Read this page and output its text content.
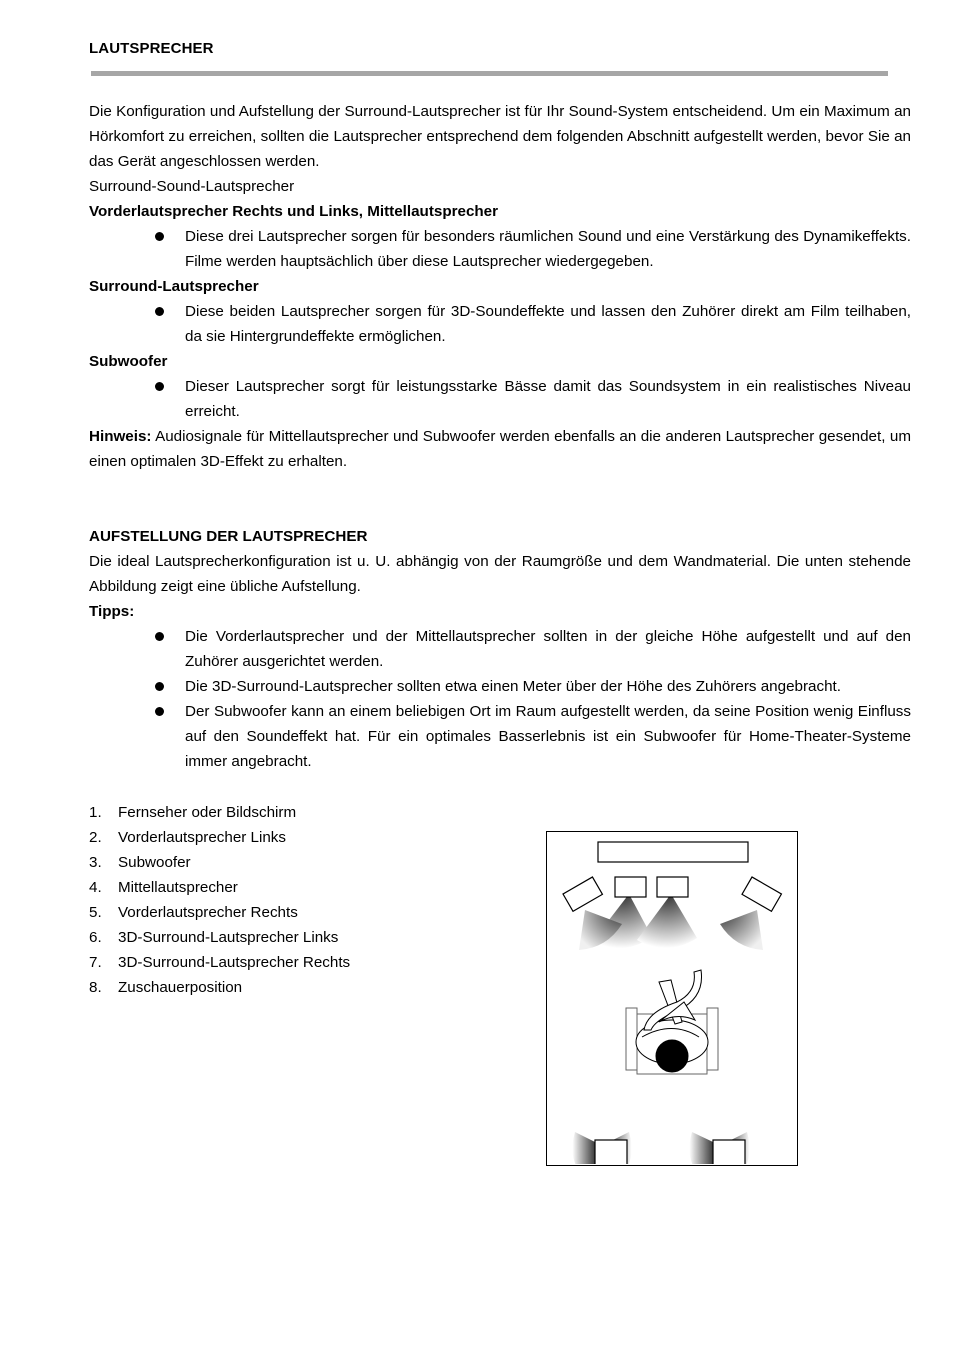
LAUTSPRECHER
Die Konfiguration und Aufstellung der Surround-Lautsprecher ist für Ihr Sound-System entscheidend. Um ein Maximum an Hörkomfort zu erreichen, sollten die Lautsprecher entsprechend dem folgenden Abschnitt aufgestellt werden, bevor Sie an das Gerät angeschlossen werden.
Surround-Sound-Lautsprecher
Vorderlautsprecher Rechts und Links, Mittellautsprecher
Diese drei Lautsprecher sorgen für besonders räumlichen Sound und eine Verstärkung des Dynamikeffekts. Filme werden hauptsächlich über diese Lautsprecher wiedergegeben.
Surround-Lautsprecher
Diese beiden Lautsprecher sorgen für 3D-Soundeffekte und lassen den Zuhörer direkt am Film teilhaben, da sie Hintergrundeffekte ermöglichen.
Subwoofer
Dieser Lautsprecher sorgt für leistungsstarke Bässe damit das Soundsystem in ein realistisches Niveau erreicht.
Hinweis: Audiosignale für Mittellautsprecher und Subwoofer werden ebenfalls an die anderen Lautsprecher gesendet, um einen optimalen 3D-Effekt zu erhalten.
AUFSTELLUNG DER LAUTSPRECHER
Die ideal Lautsprecherkonfiguration ist u. U. abhängig von der Raumgröße und dem Wandmaterial. Die unten stehende Abbildung zeigt eine übliche Aufstellung.
Tipps:
Die Vorderlautsprecher und der Mittellautsprecher sollten in der gleiche Höhe aufgestellt und auf den Zuhörer ausgerichtet werden.
Die 3D-Surround-Lautsprecher sollten etwa einen Meter über der Höhe des Zuhörers angebracht.
Der Subwoofer kann an einem beliebigen Ort im Raum aufgestellt werden, da seine Position wenig Einfluss auf den Soundeffekt hat. Für ein optimales Basserlebnis ist ein Subwoofer für Home-Theater-Systeme immer angebracht.
1.	Fernseher oder Bildschirm
2.	Vorderlautsprecher Links
3.	Subwoofer
4.	Mittellautsprecher
5.	Vorderlautsprecher Rechts
6.	3D-Surround-Lautsprecher Links
7.	3D-Surround-Lautsprecher Rechts
8.	Zuschauerposition
